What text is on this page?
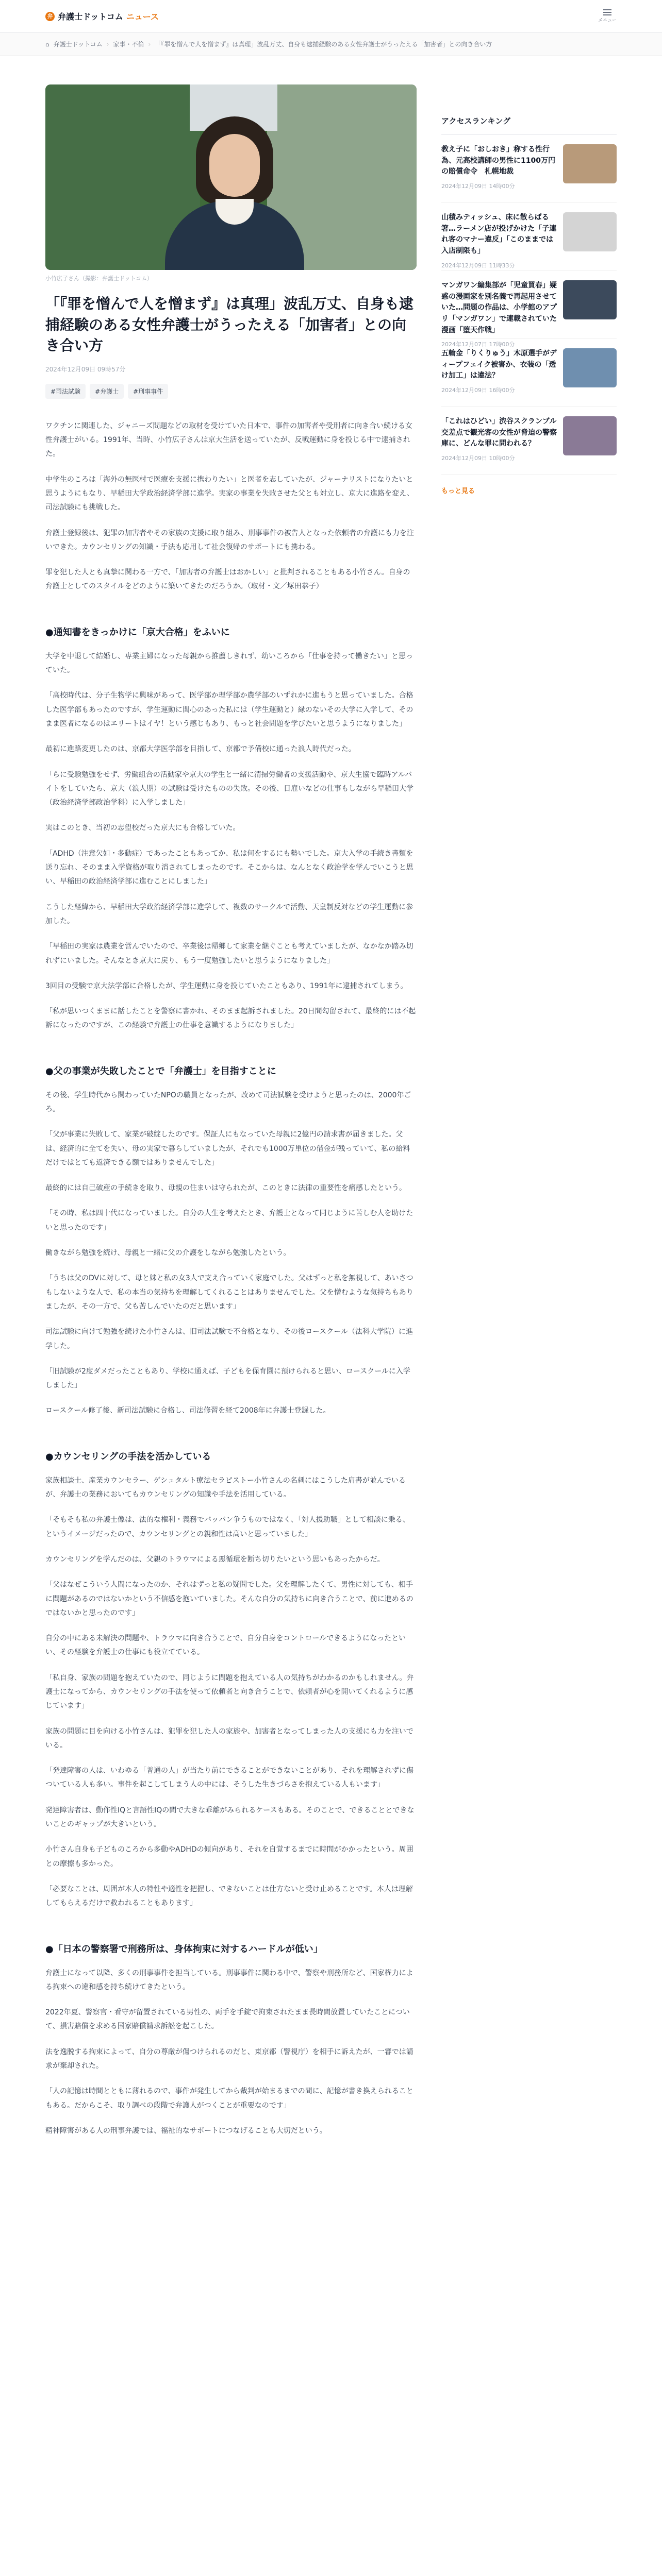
弁 弁護士ドットコム ニュース	メニュー
⌂ 弁護士ドットコム › 家事・不倫 › 「『罪を憎んで人を憎まず』は真理」波乱万丈、自身も逮捕経験のある女性弁護士がうったえる「加害者」との向き合い方
小竹広子さん（撮影：弁護士ドットコム）
「『罪を憎んで人を憎まず』は真理」波乱万丈、自身も逮捕経験のある女性弁護士がうったえる「加害者」との向き合い方
2024年12月09日 09時57分
#司法試験	#弁護士	#刑事事件

ワクチンに関連した、ジャニーズ問題などの取材を受けていた日本で、事件の加害者や受刑者に向き合い続ける女性弁護士がいる。1991年、当時、小竹広子さんは京大生活を送っていたが、反戦運動に身を投じる中で逮捕された。

中学生のころは「海外の無医村で医療を支援に携わりたい」と医者を志していたが、ジャーナリストになりたいと思うようにもなり、早稲田大学政治経済学部に進学。実家の事業を失敗させた父とも対立し、京大に進路を変え、司法試験にも挑戦した。

弁護士登録後は、犯罪の加害者やその家族の支援に取り組み、刑事事件の被告人となった依頼者の弁護にも力を注いできた。カウンセリングの知識・手法も応用して社会復帰のサポートにも携わる。

罪を犯した人とも真摯に関わる一方で、「加害者の弁護士はおかしい」と批判されることもある小竹さん。自身の弁護士としてのスタイルをどのように築いてきたのだろうか。（取材・文／塚田恭子）

●通知書をきっかけに「京大合格」をふいに

大学を中退して結婚し、専業主婦になった母親から推薦しきれず、幼いころから「仕事を持って働きたい」と思っていた。

「高校時代は、分子生物学に興味があって、医学部か理学部か農学部のいずれかに進もうと思っていました。合格した医学部もあったのですが、学生運動に関心のあった私には（学生運動と）縁のないその大学に入学して、そのまま医者になるのはエリートはイヤ！という感じもあり、もっと社会問題を学びたいと思うようになりました」

最初に進路変更したのは、京都大学医学部を目指して、京都で予備校に通った浪人時代だった。

「らに受験勉強をせず、労働組合の活動家や京大の学生と一緒に清掃労働者の支援活動や、京大生協で臨時アルバイトをしていたら、京大（浪人期）の試験は受けたものの失敗。その後、日雇いなどの仕事もしながら早稲田大学（政治経済学部政治学科）に入学しました」

実はこのとき、当初の志望校だった京大にも合格していた。

「ADHD（注意欠如・多動症）であったこともあってか、私は何をするにも勢いでした。京大入学の手続き書類を送り忘れ、そのまま入学資格が取り消されてしまったのです。そこからは、なんとなく政治学を学んでいこうと思い、早稲田の政治経済学部に進むことにしました」

こうした経緯から、早稲田大学政治経済学部に進学して、複数のサークルで活動、天皇制反対などの学生運動に参加した。

「早稲田の実家は農業を営んでいたので、卒業後は帰郷して家業を継ぐことも考えていましたが、なかなか踏み切れずにいました。そんなとき京大に戻り、もう一度勉強したいと思うようになりました」

3回目の受験で京大法学部に合格したが、学生運動に身を投じていたこともあり、1991年に逮捕されてしまう。

「私が思いつくままに話したことを警察に書かれ、そのまま起訴されました。20日間勾留されて、最終的には不起訴になったのですが、この経験で弁護士の仕事を意識するようになりました」

●父の事業が失敗したことで「弁護士」を目指すことに

その後、学生時代から関わっていたNPOの職員となったが、改めて司法試験を受けようと思ったのは、2000年ごろ。

「父が事業に失敗して、家業が破綻したのです。保証人にもなっていた母親に2億円の請求書が届きました。父は、経済的に全てを失い、母の実家で暮らしていましたが、それでも1000万単位の借金が残っていて、私の給料だけではとても返済できる額ではありませんでした」

最終的には自己破産の手続きを取り、母親の住まいは守られたが、このときに法律の重要性を痛感したという。

「その時、私は四十代になっていました。自分の人生を考えたとき、弁護士となって同じように苦しむ人を助けたいと思ったのです」

働きながら勉強を続け、母親と一緒に父の介護をしながら勉強したという。

「うちは父のDVに対して、母と妹と私の女3人で支え合っていく家庭でした。父はずっと私を無視して、あいさつもしないような人で、私の本当の気持ちを理解してくれることはありませんでした。父を憎むような気持ちもありましたが、その一方で、父も苦しんでいたのだと思います」

司法試験に向けて勉強を続けた小竹さんは、旧司法試験で不合格となり、その後ロースクール（法科大学院）に進学した。

「旧試験が2度ダメだったこともあり、学校に通えば、子どもを保育園に預けられると思い、ロースクールに入学しました」

ロースクール修了後、新司法試験に合格し、司法修習を経て2008年に弁護士登録した。

●カウンセリングの手法を活かしている

家族相談士、産業カウンセラー、ゲシュタルト療法セラピストー小竹さんの名刺にはこうした肩書が並んでいるが、弁護士の業務においてもカウンセリングの知識や手法を活用している。

「そもそも私の弁護士像は、法的な権利・義務でバッバン争うものではなく、「対人援助職」として相談に乗る、というイメージだったので、カウンセリングとの親和性は高いと思っていました」

カウンセリングを学んだのは、父親のトラウマによる悪循環を断ち切りたいという思いもあったからだ。

「父はなぜこういう人間になったのか、それはずっと私の疑問でした。父を理解したくて、男性に対しても、相手に問題があるのではないかという不信感を抱いていました。そんな自分の気持ちに向き合うことで、前に進めるのではないかと思ったのです」

自分の中にある未解決の問題や、トラウマに向き合うことで、自分自身をコントロールできるようになったといい、その経験を弁護士の仕事にも役立てている。

「私自身、家族の問題を抱えていたので、同じように問題を抱えている人の気持ちがわかるのかもしれません。弁護士になってから、カウンセリングの手法を使って依頼者と向き合うことで、依頼者が心を開いてくれるように感じています」

家族の問題に目を向ける小竹さんは、犯罪を犯した人の家族や、加害者となってしまった人の支援にも力を注いでいる。

「発達障害の人は、いわゆる「普通の人」が当たり前にできることができないことがあり、それを理解されずに傷ついている人も多い。事件を起こしてしまう人の中には、そうした生きづらさを抱えている人もいます」

発達障害者は、動作性IQと言語性IQの間で大きな乖離がみられるケースもある。そのことで、できることとできないことのギャップが大きいという。

小竹さん自身も子どものころから多動やADHDの傾向があり、それを自覚するまでに時間がかかったという。周囲との摩擦も多かった。

「必要なことは、周囲が本人の特性や適性を把握し、できないことは仕方ないと受け止めることです。本人は理解してもらえるだけで救われることもあります」

●「日本の警察署で刑務所は、身体拘束に対するハードルが低い」

弁護士になって以降、多くの刑事事件を担当している。刑事事件に関わる中で、警察や刑務所など、国家権力による拘束への違和感を持ち続けてきたという。

2022年夏、警察官・看守が留置されている男性の、両手を手錠で拘束されたまま長時間放置していたことについて、損害賠償を求める国家賠償請求訴訟を起こした。

法を逸脱する拘束によって、自分の尊厳が傷つけられるのだと、東京都（警視庁）を相手に訴えたが、一審では請求が棄却された。

「人の記憶は時間とともに薄れるので、事件が発生してから裁判が始まるまでの間に、記憶が書き換えられることもある。だからこそ、取り調べの段階で弁護人がつくことが重要なのです」

精神障害がある人の刑事弁護では、福祉的なサポートにつなげることも大切だという。

アクセスランキング
教え子に「おしおき」称する性行為、元高校講師の男性に1100万円の賠償命令　札幌地裁
2024年12月09日 14時00分
山積みティッシュ、床に散らばる箸…ラーメン店が投げかけた「子連れ客のマナー違反」「このままでは入店制限も」
2024年12月09日 11時33分
マンガワン編集部が「児童買春」疑惑の漫画家を別名義で再起用させていた…問題の作品は、小学館のアプリ「マンガワン」で連載されていた漫画「堕天作戦」
2024年12月07日 17時00分
五輪金「りくりゅう」木原選手がディープフェイク被害か、衣装の「透け加工」は違法？
2024年12月09日 16時00分
「これはひどい」渋谷スクランブル交差点で観光客の女性が脅迫の警察庫に、どんな罪に問われる？
2024年12月09日 10時00分
もっと見る
